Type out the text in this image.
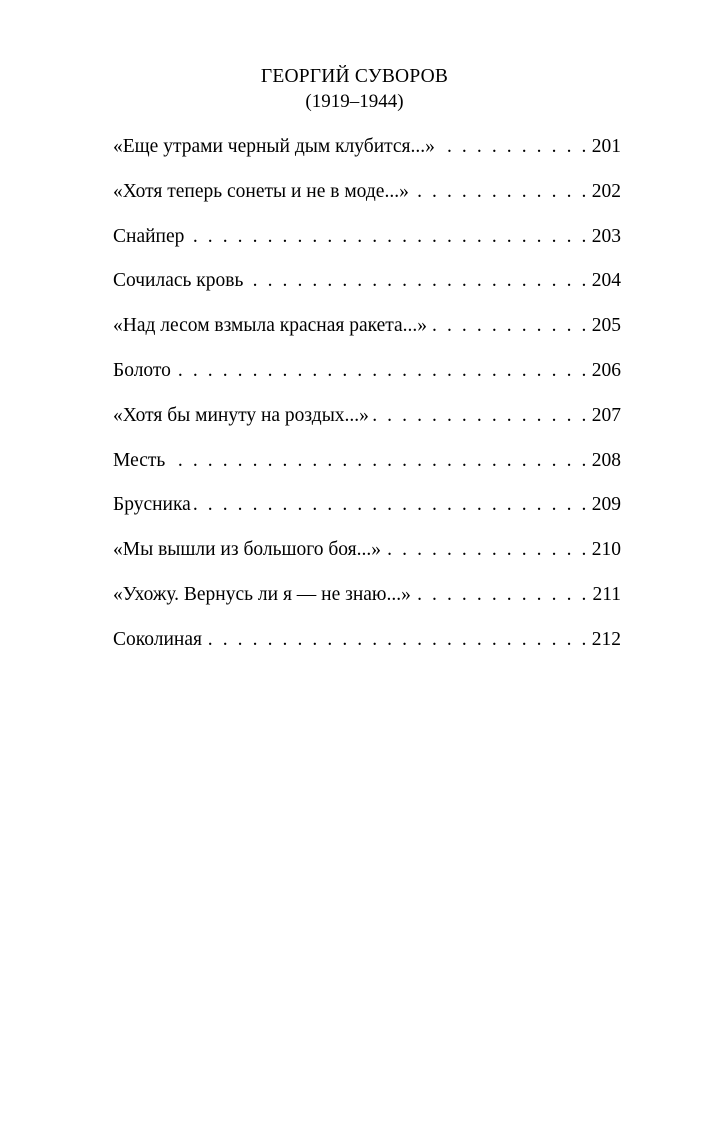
ГЕОРГИЙ СУВОРОВ
(1919–1944)
«Еще утрами черный дым клубится...» . . .	201
«Хотя теперь сонеты и не в моде...» . . .	202
Снайпер . . .	203
Сочилась кровь . . .	204
«Над лесом взмыла красная ракета...» . . .	205
Болото . . .	206
«Хотя бы минуту на роздых...» . . .	207
Месть . . .	208
Брусника . . .	209
«Мы вышли из большого боя...» . . .	210
«Ухожу. Вернусь ли я — не знаю...» . . .	211
Соколиная . . .	212
